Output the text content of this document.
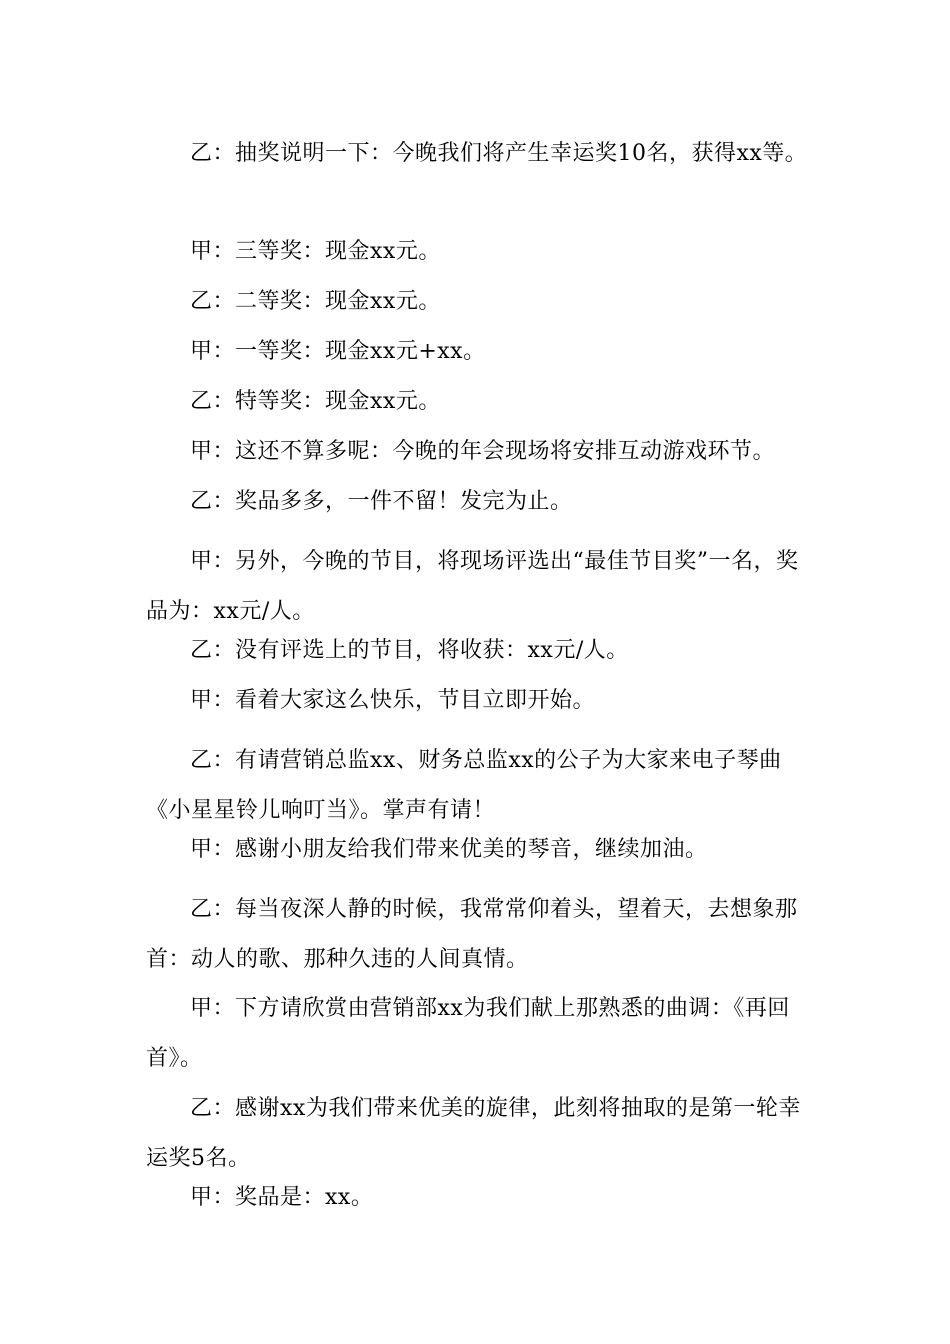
乙：抽奖说明一下：今晚我们将产生幸运奖10名，获得xx等。

甲：三等奖：现金xx元。

乙：二等奖：现金xx元。

甲：一等奖：现金xx元+xx。

乙：特等奖：现金xx元。

甲：这还不算多呢：今晚的年会现场将安排互动游戏环节。

乙：奖品多多，一件不留！发完为止。

甲：另外，今晚的节目，将现场评选出“最佳节目奖”一名，奖品为：xx元/人。

乙：没有评选上的节目，将收获：xx元/人。

甲：看着大家这么快乐，节目立即开始。

乙：有请营销总监xx、财务总监xx的公子为大家来电子琴曲《小星星铃儿响叮当》。掌声有请！

甲：感谢小朋友给我们带来优美的琴音，继续加油。

乙：每当夜深人静的时候，我常常仰着头，望着天，去想象那首：动人的歌、那种久违的人间真情。

甲：下方请欣赏由营销部xx为我们献上那熟悉的曲调：《再回首》。

乙：感谢xx为我们带来优美的旋律，此刻将抽取的是第一轮幸运奖5名。

甲：奖品是：xx。
